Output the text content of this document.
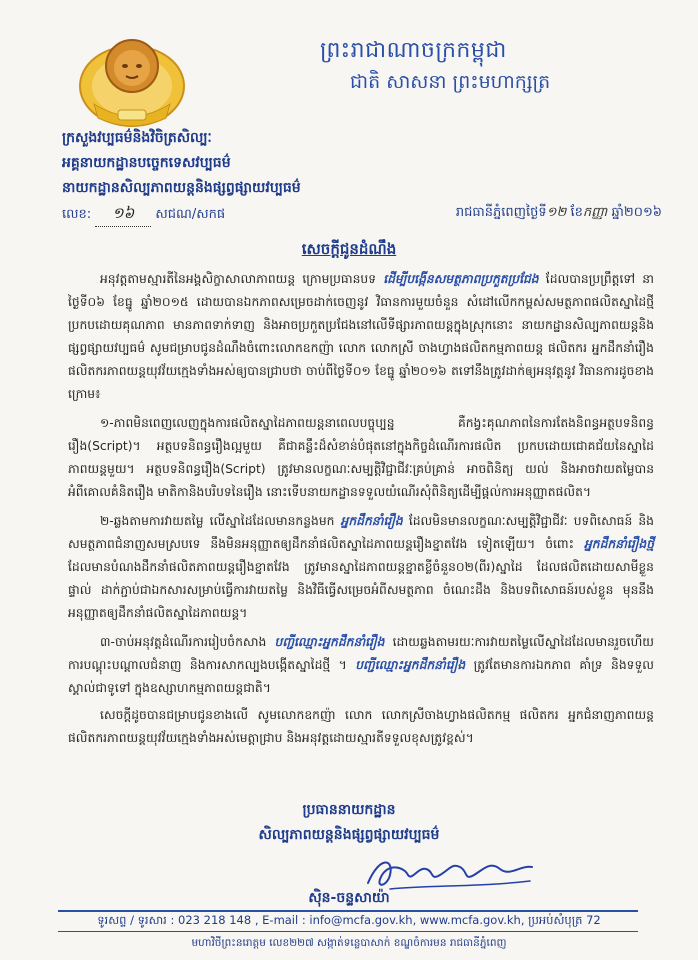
ព្រះរាជាណាចក្រកម្ពុជា
ជាតិ សាសនា ព្រះមហាក្សត្រ
ក្រសួងវប្បធម៌និងវិចិត្រសិល្បៈ
អគ្គនាយកដ្ឋានបច្ចេកទេសវប្បធម៌
នាយកដ្ឋានសិល្បភាពយន្តនិងផ្សព្វផ្សាយវប្បធម៌
លេខ: ១៦ សជណ/សកផ	រាជធានីភ្នំពេញថ្ងៃទី១២ ខែកញ្ញា ឆ្នាំ២០១៦
សេចក្តីជូនដំណឹង

អនុវត្តតាមស្មារតីនៃអង្គសិក្ខាសាលាភាពយន្ត ក្រោមប្រធានបទ ដើម្បីបង្កើនសមត្ថភាពប្រកួតប្រជែង ដែលបានប្រព្រឹត្តទៅ នាថ្ងៃទី០៦ ខែធ្នូ ឆ្នាំ២០១៥ ដោយបានឯកភាពសម្រេចដាក់ចេញនូវ វិធានការមួយចំនួន សំដៅលើកកម្ពស់សមត្ថភាពផលិតស្នាដៃថ្មីប្រកបដោយគុណភាព មានភាពទាក់ទាញ និងអាចប្រកួតប្រជែងនៅលើទីផ្សារភាពយន្តក្នុងស្រុកនោះ នាយកដ្ឋានសិល្បភាពយន្តនិងផ្សព្វផ្សាយវប្បធម៌ សូមជម្រាបជូនដំណឹងចំពោះលោកឧកញ៉ា លោក លោកស្រី ចាងហ្វាងផលិតកម្មភាពយន្ត ផលិតករ អ្នកដឹកនាំរឿង ផលិតករភាពយន្តយុវវ័យក្មេងទាំងអស់ឲ្យបានជ្រាបថា ចាប់ពីថ្ងៃទី០១ ខែធ្នូ ឆ្នាំ២០១៦ តទៅនឹងត្រូវដាក់ឲ្យអនុវត្តនូវ វិធានការដូចខាងក្រោម៖

១-ភាពមិនពេញលេញក្នុងការផលិតស្នាដៃភាពយន្តនាពេលបច្ចុប្បន្ន គឺកង្វះគុណភាពនៃការតែងនិពន្ធអត្ថបទនិពន្ធរឿង(Script)។ អត្ថបទនិពន្ធរឿងល្អមួយ គឺជាគន្លឹះដ៏សំខាន់បំផុតនៅក្នុងកិច្ចដំណើរការផលិត ប្រកបដោយជោគជ័យនៃស្នាដៃភាពយន្តមួយ។ អត្ថបទនិពន្ធរឿង(Script) ត្រូវមានលក្ខណៈសម្បត្តិវិជ្ជាជីវៈគ្រប់គ្រាន់ អាចពិនិត្យ យល់ និងអាចវាយតម្លៃបានអំពីគោលគំនិតរឿង មាតិកានិងបរិបទនៃរឿង នោះទើបនាយកដ្ឋានទទួលយំណើរសុំពិនិត្យដើម្បីផ្តល់ការអនុញ្ញាតផលិត។

២-ឆ្លងតាមការវាយតម្លៃ លើស្នាដៃដែលមានកន្លងមក អ្នកដឹកនាំរឿង ដែលមិនមានលក្ខណៈសម្បត្តិវិជ្ជាជីវៈ បទពិសោធន៍ និងសមត្ថភាពជំនាញសមស្របទេ នឹងមិនអនុញ្ញាតឲ្យដឹកនាំផលិតស្នាដៃភាពយន្តរឿងខ្នាតវែង ទៀតឡើយ។ ចំពោះ អ្នកដឹកនាំរឿងថ្មី ដែលមានបំណងដឹកនាំផលិតភាពយន្តរឿងខ្នាតវែង ត្រូវមានស្នាដៃភាពយន្តខ្នាតខ្លីចំនួន០២(ពីរ)ស្នាដៃ ដែលផលិតដោយសាមីខ្លួនផ្ទាល់ ដាក់ភ្ជាប់ជាឯកសារសម្រាប់ធ្វើការវាយតម្លៃ និងវិធីធ្វើសម្រេចអំពីសមត្ថភាព ចំណេះដឹង និងបទពិសោធន៍របស់ខ្លួន មុននឹងអនុញ្ញាតឲ្យដឹកនាំផលិតស្នាដៃភាពយន្ត។

៣-ចាប់អនុវត្តដំណើរការរៀបចំកសាង បញ្ជីឈ្មោះអ្នកដឹកនាំរឿង ដោយឆ្លងតាមរយៈការវាយតម្លៃលើស្នាដៃដែលមានរួចហើយ ការបណ្តុះបណ្តាលជំនាញ និងការសាកល្បងបង្កើតស្នាដៃថ្មី ។ បញ្ជីឈ្មោះអ្នកដឹកនាំរឿង ត្រូវតែមានការឯកភាព គាំទ្រ និងទទួលស្គាល់ជាទូទៅ ក្នុងឧស្សាហកម្មភាពយន្តជាតិ។

សេចក្តីដូចបានជម្រាបជូនខាងលើ សូមលោកឧកញ៉ា លោក លោកស្រីចាងហ្វាងផលិតកម្ម ផលិតករ អ្នកជំនាញភាពយន្ត ផលិតករភាពយន្តយុវវ័យក្មេងទាំងអស់មេត្តាជ្រាប និងអនុវត្តដោយស្មារតីទទួលខុសត្រូវខ្ពស់។

ប្រធាននាយកដ្ឋាន
សិល្បភាពយន្តនិងផ្សព្វផ្សាយវប្បធម៌
ស៊ិន-ចន្ទសាយ៉ា
ទូរសព្ទ / ទូរសារ : 023 218 148 , E-mail : info@mcfa.gov.kh, www.mcfa.gov.kh, ប្រអប់សំបុត្រ 72
មហាវិថីព្រះនរោត្តម លេខ២២៧ សង្កាត់ទន្លេបាសាក់ ខណ្ឌចំការមន រាជធានីភ្នំពេញ
